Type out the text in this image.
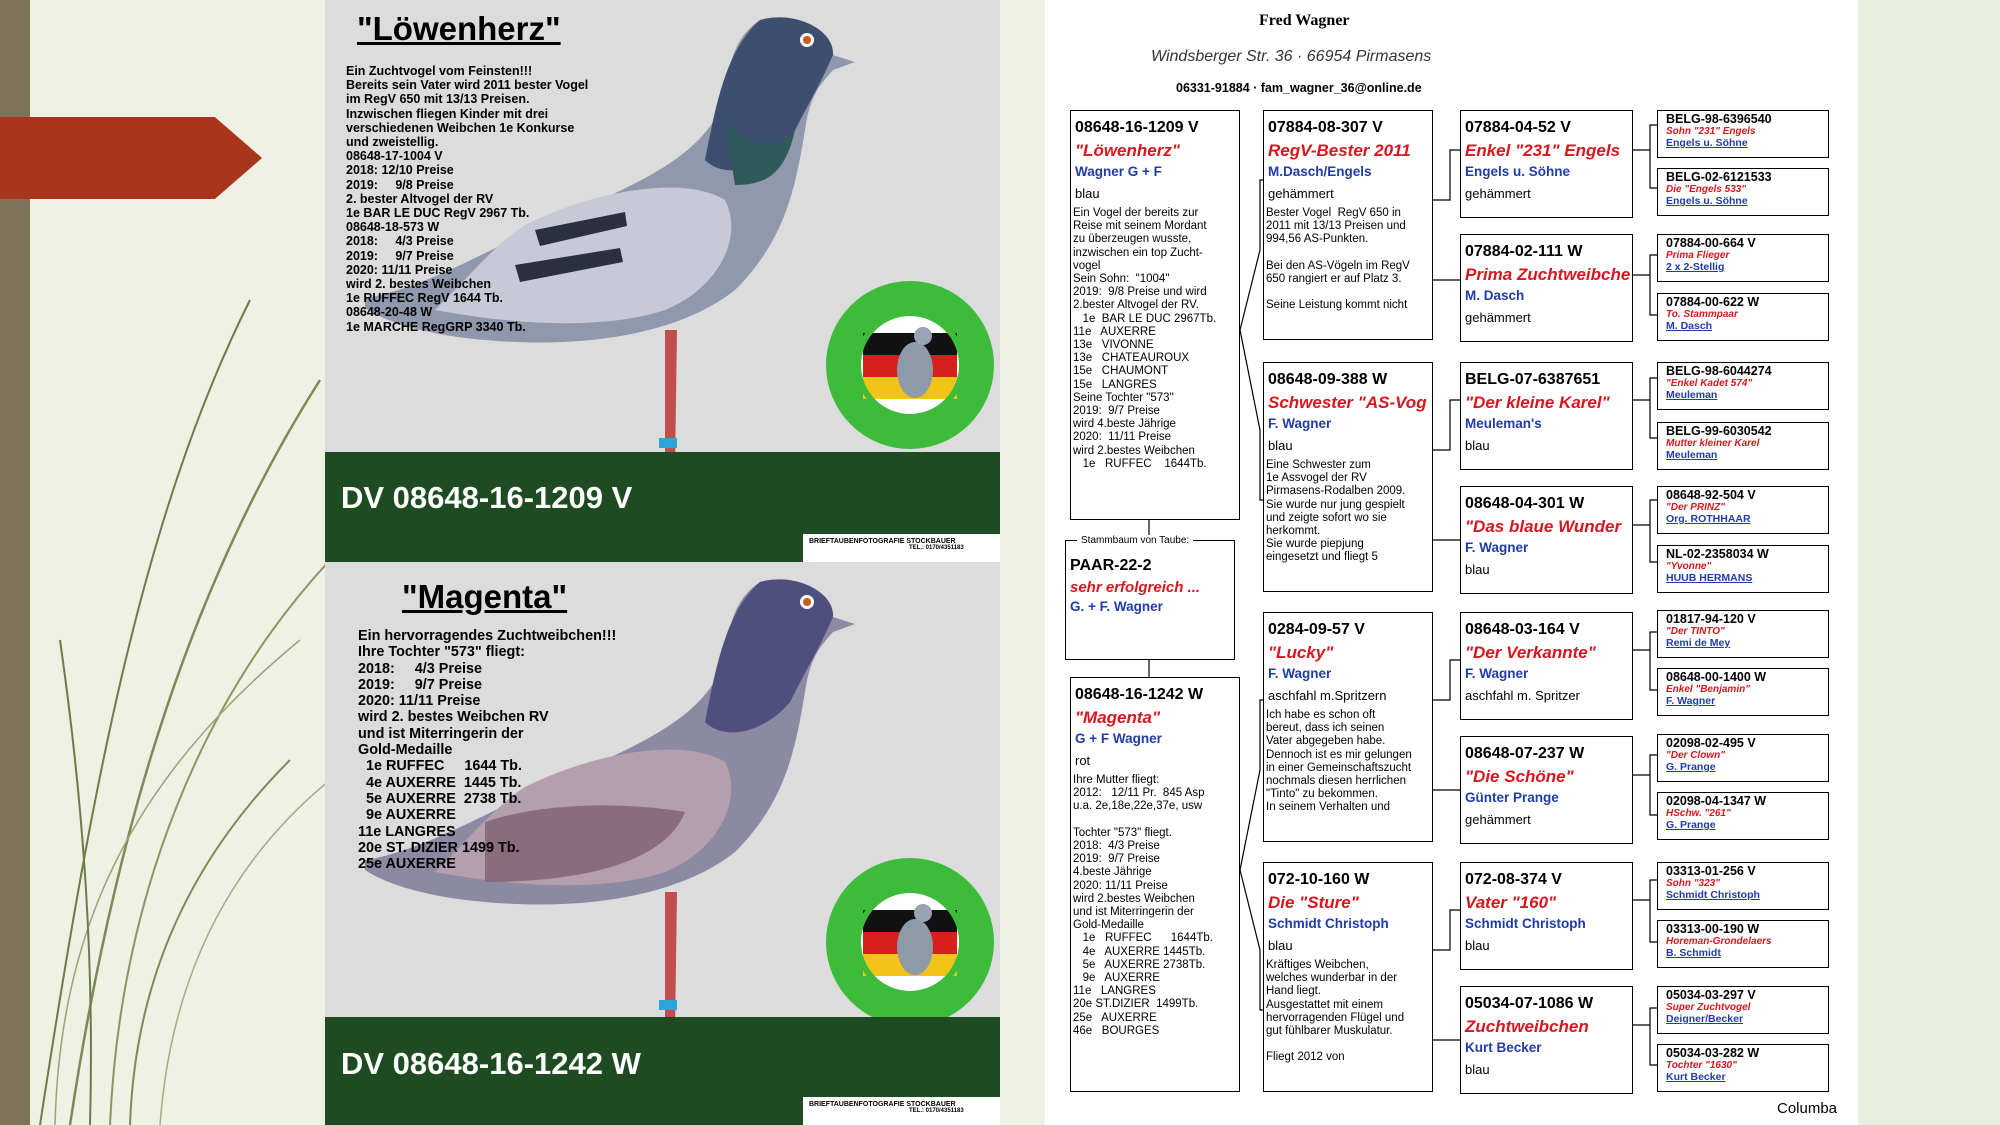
"Löwenherz"
Ein Zuchtvogel vom Feinsten!!!
Bereits sein Vater wird 2011 bester Vogel
im RegV 650 mit 13/13 Preisen.
Inzwischen fliegen Kinder mit drei
verschiedenen Weibchen 1e Konkurse
und zweistellig.
08648-17-1004 V
2018: 12/10 Preise
2019:     9/8 Preise
2. bester Altvogel der RV
1e BAR LE DUC RegV 2967 Tb.
08648-18-573 W
2018:     4/3 Preise
2019:     9/7 Preise
2020: 11/11 Preise
wird 2. bestes Weibchen
1e RUFFEC RegV 1644 Tb.
08648-20-48 W
1e MARCHE RegGRP 3340 Tb.
DV 08648-16-1209 V
BRIEFTAUBENFOTOGRAFIE STOCKBAUER
TEL.: 0170/4351183
"Magenta"
Ein hervorragendes Zuchtweibchen!!!
Ihre Tochter "573" fliegt:
2018:     4/3 Preise
2019:     9/7 Preise
2020: 11/11 Preise
wird 2. bestes Weibchen RV
und ist Miterringerin der
Gold-Medaille
1e RUFFEC     1644 Tb.
4e AUXERRE  1445 Tb.
5e AUXERRE  2738 Tb.
9e AUXERRE
11e LANGRES
20e ST. DIZIER 1499 Tb.
25e AUXERRE
DV 08648-16-1242 W
BRIEFTAUBENFOTOGRAFIE STOCKBAUER
TEL.: 0170/4351183
Fred Wagner
Windsberger Str. 36 · 66954 Pirmasens
06331-91884 · fam_wagner_36@online.de
08648-16-1209 V
"Löwenherz"
Wagner G + F
blau
Ein Vogel der bereits zur
Reise mit seinem Mordant
zu überzeugen wusste,
inzwischen ein top Zucht-
vogel
Sein Sohn:  "1004"
2019:  9/8 Preise und wird
2.bester Altvogel der RV.
1e  BAR LE DUC 2967Tb.
11e   AUXERRE
13e   VIVONNE
13e   CHATEAUROUX
15e   CHAUMONT
15e   LANGRES
Seine Tochter "573"
2019:  9/7 Preise
wird 4.beste Jährige
2020:  11/11 Preise
wird 2.bestes Weibchen
1e   RUFFEC    1644Tb.
PAAR-22-2
sehr erfolgreich ...
G. + F. Wagner
Stammbaum von Taube:
08648-16-1242 W
"Magenta"
G + F Wagner
rot
Ihre Mutter fliegt:
2012:   12/11 Pr.  845 Asp
u.a. 2e,18e,22e,37e, usw

Tochter "573" fliegt.
2018:  4/3 Preise
2019:  9/7 Preise
4.beste Jährige
2020: 11/11 Preise
wird 2.bestes Weibchen
und ist Miterringerin der
Gold-Medaille
1e   RUFFEC      1644Tb.
4e   AUXERRE 1445Tb.
5e   AUXERRE 2738Tb.
9e   AUXERRE
11e   LANGRES
20e ST.DIZIER  1499Tb.
25e   AUXERRE
46e   BOURGES
07884-08-307 V
RegV-Bester 2011
M.Dasch/Engels
gehämmert
Bester Vogel  RegV 650 in
2011 mit 13/13 Preisen und
994,56 AS-Punkten.

Bei den AS-Vögeln im RegV
650 rangiert er auf Platz 3.

Seine Leistung kommt nicht
08648-09-388 W
Schwester "AS-Vog
F. Wagner
blau
Eine Schwester zum
1e Assvogel der RV
Pirmasens-Rodalben 2009.
Sie wurde nur jung gespielt
und zeigte sofort wo sie
herkommt.
Sie wurde piepjung
eingesetzt und fliegt 5
0284-09-57 V
"Lucky"
F. Wagner
aschfahl m.Spritzern
Ich habe es schon oft
bereut, dass ich seinen
Vater abgegeben habe.
Dennoch ist es mir gelungen
in einer Gemeinschaftszucht
nochmals diesen herrlichen
"Tinto" zu bekommen.
In seinem Verhalten und
072-10-160 W
Die "Sture"
Schmidt Christoph
blau
Kräftiges Weibchen,
welches wunderbar in der
Hand liegt.
Ausgestattet mit einem
hervorragenden Flügel und
gut fühlbarer Muskulatur.

Fliegt 2012 von
07884-04-52 V
Enkel "231" Engels
Engels u. Söhne
gehämmert
07884-02-111 W
Prima Zuchtweibche
M. Dasch
gehämmert
BELG-07-6387651
"Der kleine Karel"
Meuleman's
blau
08648-04-301 W
"Das blaue Wunder
F. Wagner
blau
08648-03-164 V
"Der Verkannte"
F. Wagner
aschfahl m. Spritzer
08648-07-237 W
"Die Schöne"
Günter Prange
gehämmert
072-08-374 V
Vater "160"
Schmidt Christoph
blau
05034-07-1086 W
Zuchtweibchen
Kurt Becker
blau
BELG-98-6396540
Sohn "231" Engels
Engels u. Söhne
BELG-02-6121533
Die "Engels 533"
Engels u. Söhne
07884-00-664 V
Prima Flieger
2 x 2-Stellig
07884-00-622 W
To. Stammpaar
M. Dasch
BELG-98-6044274
"Enkel Kadet 574"
Meuleman
BELG-99-6030542
Mutter kleiner Karel
Meuleman
08648-92-504 V
"Der PRINZ"
Org. ROTHHAAR
NL-02-2358034 W
"Yvonne"
HUUB HERMANS
01817-94-120 V
"Der TINTO"
Remi de Mey
08648-00-1400 W
Enkel "Benjamin"
F. Wagner
02098-02-495 V
"Der Clown"
G. Prange
02098-04-1347 W
HSchw. "261"
G. Prange
03313-01-256 V
Sohn "323"
Schmidt Christoph
03313-00-190 W
Horeman-Grondelaers
B. Schmidt
05034-03-297 V
Super Zuchtvogel
Deigner/Becker
05034-03-282 W
Tochter "1630"
Kurt Becker
Columba
